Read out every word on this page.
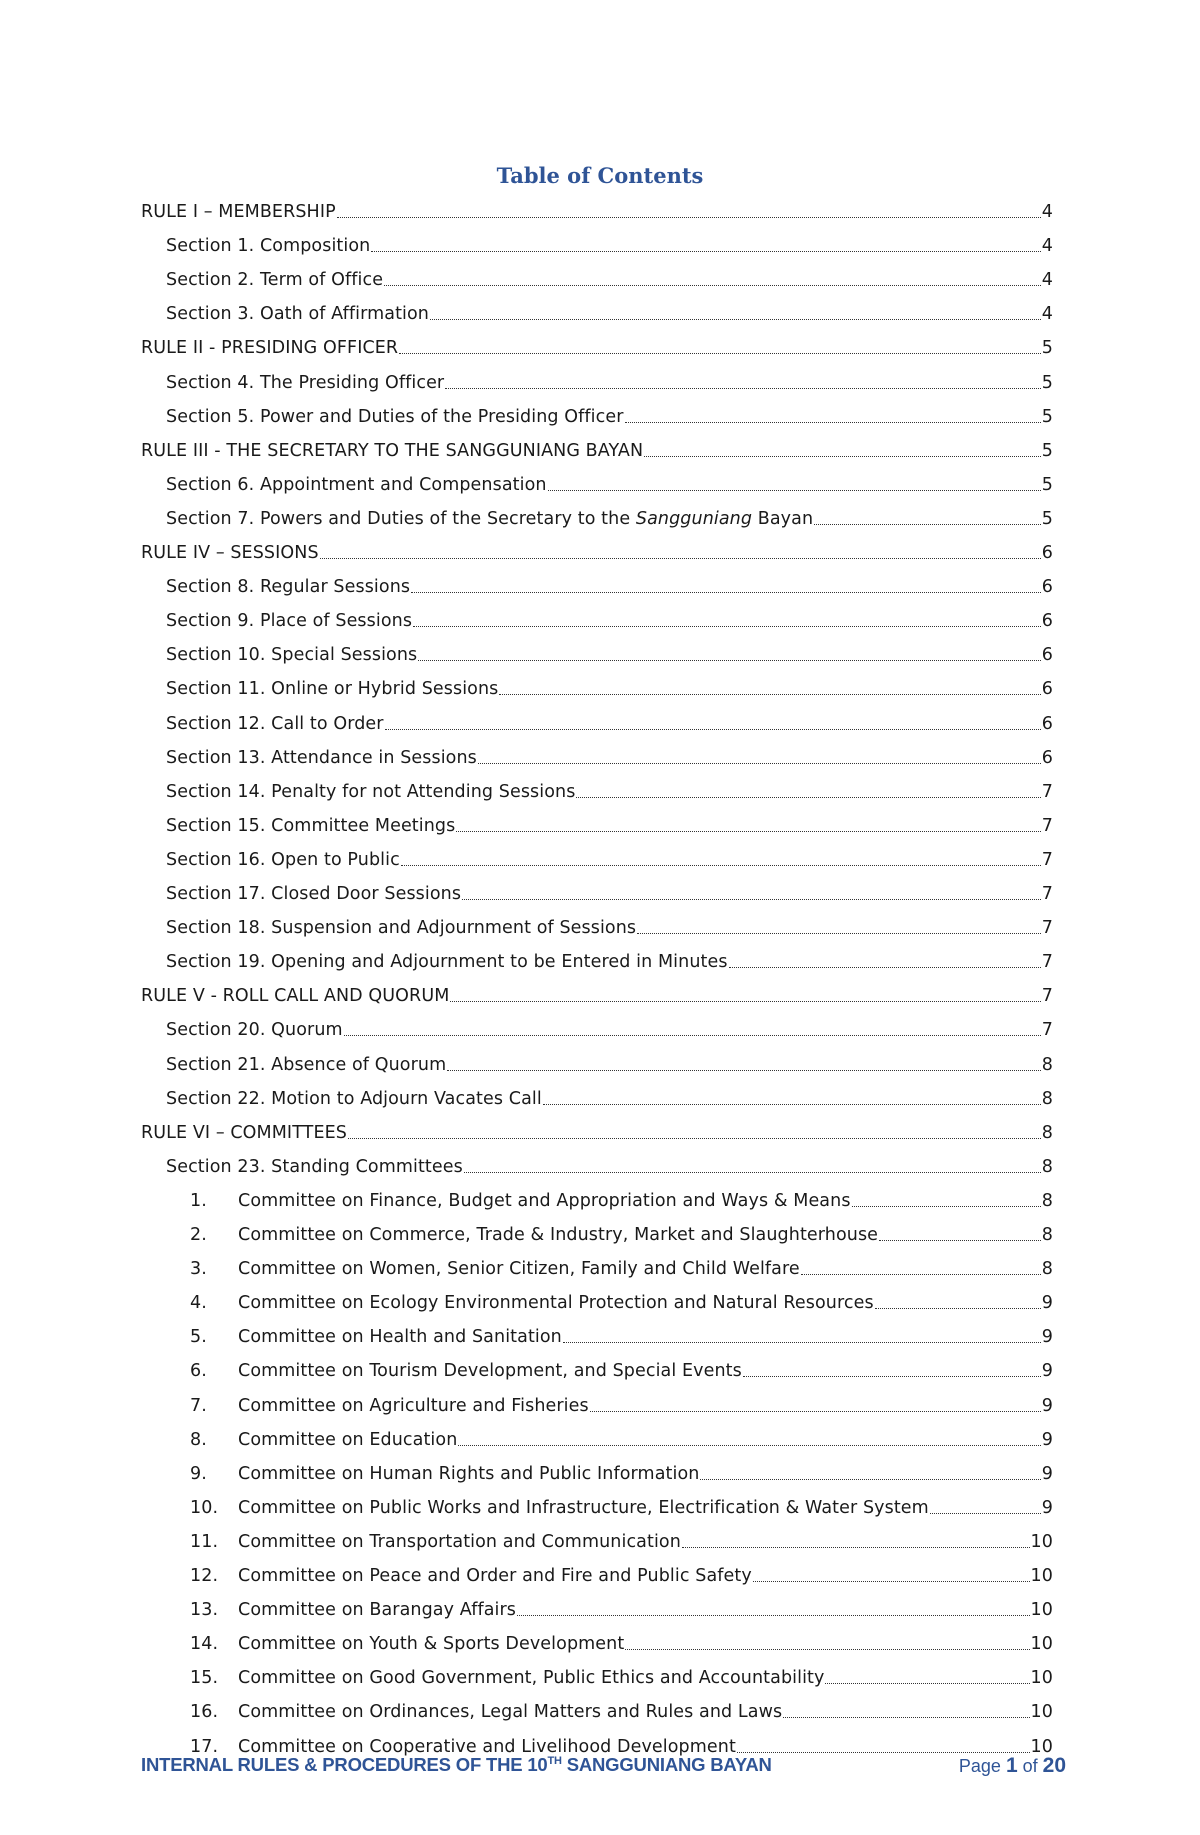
Table of Contents
RULE I – MEMBERSHIP	4
Section 1. Composition	4
Section 2. Term of Office	4
Section 3. Oath of Affirmation	4
RULE II - PRESIDING OFFICER	5
Section 4. The Presiding Officer	5
Section 5. Power and Duties of the Presiding Officer	5
RULE III - THE SECRETARY TO THE SANGGUNIANG BAYAN	5
Section 6. Appointment and Compensation	5
Section 7. Powers and Duties of the Secretary to the Sangguniang Bayan	5
RULE IV – SESSIONS	6
Section 8. Regular Sessions	6
Section 9. Place of Sessions	6
Section 10. Special Sessions	6
Section 11. Online or Hybrid Sessions	6
Section 12. Call to Order	6
Section 13. Attendance in Sessions	6
Section 14. Penalty for not Attending Sessions	7
Section 15. Committee Meetings	7
Section 16. Open to Public	7
Section 17. Closed Door Sessions	7
Section 18. Suspension and Adjournment of Sessions	7
Section 19. Opening and Adjournment to be Entered in Minutes	7
RULE V - ROLL CALL AND QUORUM	7
Section 20. Quorum	7
Section 21. Absence of Quorum	8
Section 22. Motion to Adjourn Vacates Call	8
RULE VI – COMMITTEES	8
Section 23. Standing Committees	8
1.	Committee on Finance, Budget and Appropriation and Ways & Means	8
2.	Committee on Commerce, Trade & Industry, Market and Slaughterhouse	8
3.	Committee on Women, Senior Citizen, Family and Child Welfare	8
4.	Committee on Ecology Environmental Protection and Natural Resources	9
5.	Committee on Health and Sanitation	9
6.	Committee on Tourism Development, and Special Events	9
7.	Committee on Agriculture and Fisheries	9
8.	Committee on Education	9
9.	Committee on Human Rights and Public Information	9
10.	Committee on Public Works and Infrastructure, Electrification & Water System	9
11.	Committee on Transportation and Communication	10
12.	Committee on Peace and Order and Fire and Public Safety	10
13.	Committee on Barangay Affairs	10
14.	Committee on Youth & Sports Development	10
15.	Committee on Good Government, Public Ethics and Accountability	10
16.	Committee on Ordinances, Legal Matters and Rules and Laws	10
17.	Committee on Cooperative and Livelihood Development	10
INTERNAL RULES & PROCEDURES OF THE 10TH SANGGUNIANG BAYAN	Page 1 of 20
